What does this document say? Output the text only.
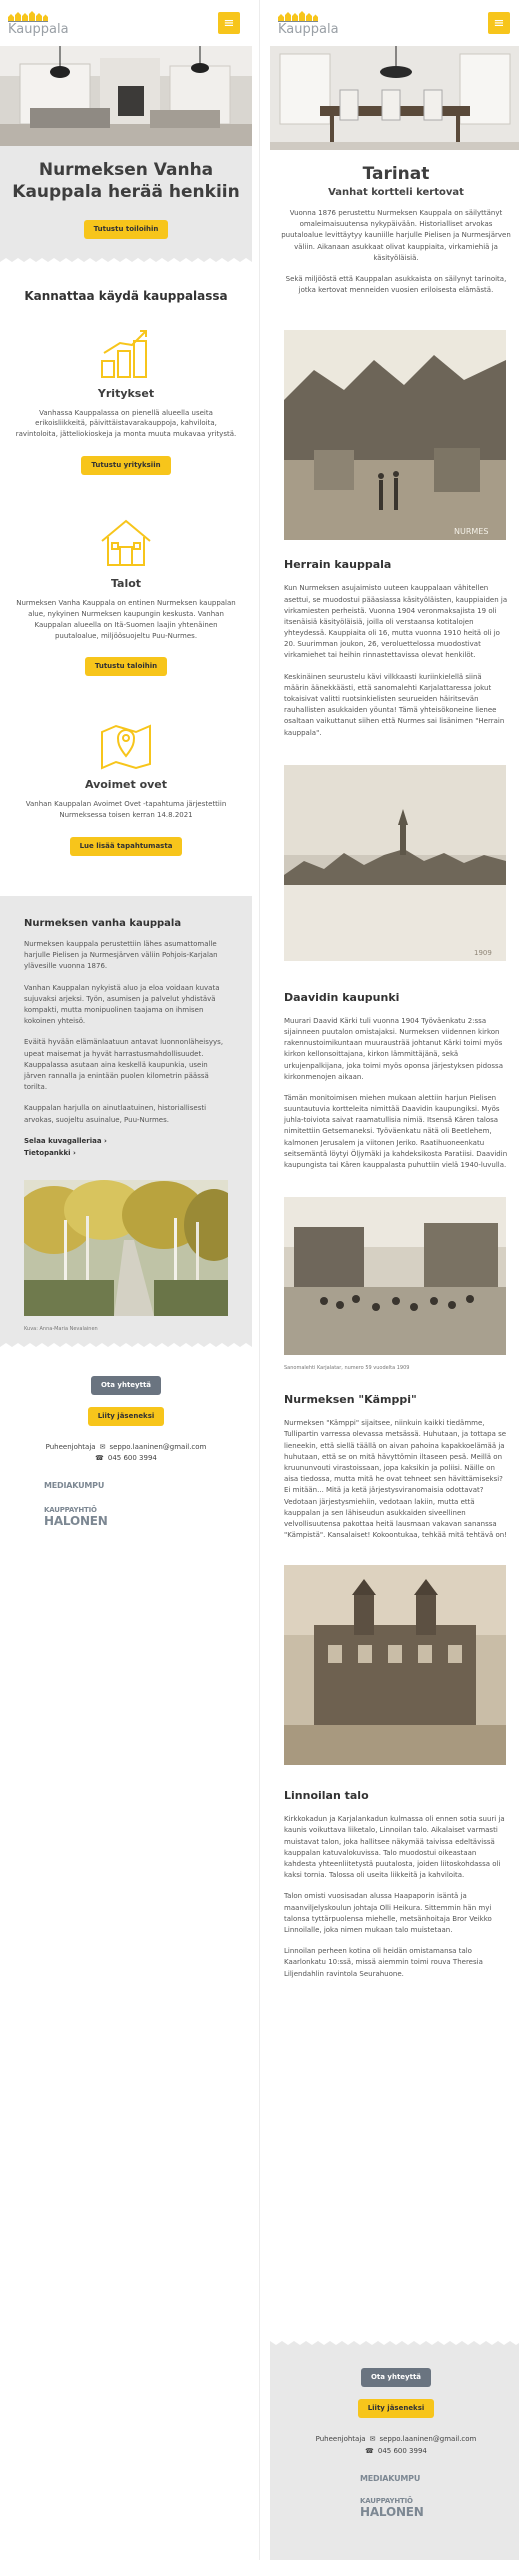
Kauppala	≡
Nurmeksen Vanha Kauppala herää henkiin
Tutustu toiloihin
Kannattaa käydä kauppalassa
Yritykset

Vanhassa Kauppalassa on pienellä alueella useita erikoisliikkeitä, päivittäistavarakauppoja, kahviloita, ravintoloita, jätteliokioskeja ja monta muuta mukavaa yritystä.

Tutustu yrityksiin
Talot

Nurmeksen Vanha Kauppala on entinen Nurmeksen kauppalan alue, nykyinen Nurmeksen kaupungin keskusta. Vanhan Kauppalan alueella on Itä-Suomen laajin yhtenäinen puutaloalue, miljöösuojeltu Puu-Nurmes.

Tutustu taloihin
Avoimet ovet

Vanhan Kauppalan Avoimet Ovet -tapahtuma järjestettiin Nurmeksessa toisen kerran 14.8.2021

Lue lisää tapahtumasta
Nurmeksen vanha kauppala

Nurmeksen kauppala perustettiin lähes asumattomalle harjulle Pielisen ja Nurmesjärven väliin Pohjois-Karjalan ylävesille vuonna 1876.

Vanhan Kauppalan nykyistä aluo ja eloa voidaan kuvata sujuvaksi arjeksi. Työn, asumisen ja palvelut yhdistävä kompakti, mutta monipuolinen taajama on ihmisen kokoinen yhteisö.

Eväitä hyvään elämänlaatuun antavat luonnonläheisyys, upeat maisemat ja hyvät harrastusmahdollisuudet. Kauppalassa asutaan aina keskellä kaupunkia, usein järven rannalla ja enintään puolen kilometrin päässä torilta.

Kauppalan harjulla on ainutlaatuinen, historiallisesti arvokas, suojeltu asuinalue, Puu-Nurmes.

Selaa kuvagalleriaa ›
Tietopankki ›
Kuva: Anna-Maria Nevalainen
Ota yhteyttä
Liity jäseneksi
Puheenjohtaja ✉ seppo.laaninen@gmail.com
☎ 045 600 3994
MEDIAKUMPU
KAUPPAYHTIÖ
HALONEN
Kauppala	≡
Tarinat
Vanhat kortteli kertovat
Vuonna 1876 perustettu Nurmeksen Kauppala on säilyttänyt omaleimaisuutensa nykypäivään. Historialliset arvokas puutaloalue levittäytyy kauniille harjulle Pielisen ja Nurmesjärven väliin. Aikanaan asukkaat olivat kauppiaita, virkamiehiä ja käsityöläisiä.
Sekä miljööstä että Kauppalan asukkaista on säilynyt tarinoita, jotka kertovat menneiden vuosien eriloisesta elämästä.
NURMES
Herrain kauppala
Kun Nurmeksen asujaimisto uuteen kauppalaan vähitellen asettui, se muodostui pääasiassa käsityöläisten, kauppiaiden ja virkamiesten perheistä. Vuonna 1904 veronmaksajista 19 oli itsenäisiä käsityöläisiä, joilla oli verstaansa kotitalojen yhteydessä. Kauppiaita oli 16, mutta vuonna 1910 heitä oli jo 20. Suurimman joukon, 26, veroluettelossa muodostivat virkamiehet tai heihin rinnastettavissa olevat henkilöt.
Keskinäinen seurustelu kävi vilkkaasti kuriinkielellä siinä määrin äänekkäästi, että sanomalehti Karjalattaressa jokut tokaisivat valitti ruotsinkielisten seurueiden häiritsevän rauhallisten asukkaiden yöunta! Tämä yhteisökoneine lienee osaltaan vaikuttanut siihen että Nurmes sai lisänimen "Herrain kauppala".
1909
Daavidin kaupunki
Muurari Daavid Kärki tuli vuonna 1904 Työväenkatu 2:ssa sijainneen puutalon omistajaksi. Nurmeksen viidennen kirkon rakennustoimikuntaan muurausträä johtanut Kärki toimi myös kirkon kellonsoittajana, kirkon lämmittäjänä, sekä urkujenpalkijana, joka toimi myös oponsa järjestyksen pidossa kirkonmenojen aikaan.
Tämän monitoimisen miehen mukaan alettiin harjun Pielisen suuntautuvia kortteleita nimittää Daavidin kaupungiksi. Myös juhla-toiviota saivat raamatullisia nimiä. Itsensä Kären talosa nimitettiin Getsemaneksi. Työväenkatu nätä oli Beetlehem, kalmonen Jerusalem ja viitonen Jeriko. Raatihuoneenkatu seitsemäntä löytyi Öljymäki ja kahdeksikosta Paratiisi. Daavidin kaupungista tai Kären kauppalasta puhuttiin vielä 1940-luvulla.
Sanomalehti Karjalatar, numero 59 vuodelta 1909
Nurmeksen "Kämppi"
Nurmeksen "Kämppi" sijaitsee, niinkuin kaikki tiedämme, Tullipartin varressa olevassa metsässä. Huhutaan, ja tottapa se lieneekin, että siellä täällä on aivan pahoina kapakkoelämää ja huhutaan, että se on mitä hävyttömin iltaseen pesä. Meillä on kruununvouti virastoissaan, jopa kaksikin ja poliisi. Näille on aisa tiedossa, mutta mitä he ovat tehneet sen hävittämiseksi? Ei mitään... Mitä ja ketä järjestysviranomaisia odottavat? Vedotaan järjestysmiehiin, vedotaan lakiin, mutta että kauppalan ja sen lähiseudun asukkaiden siveellinen velvollisuutensa pakottaa heitä lausmaan vakavan sananssa "Kämpistä". Kansalaiset! Kokoontukaa, tehkää mitä tehtävä on!
Linnoilan talo
Kirkkokadun ja Karjalankadun kulmassa oli ennen sotia suuri ja kaunis voikuttava liiketalo, Linnoilan talo. Aikalaiset varmasti muistavat talon, joka hallitsee näkymää taivissa edeltävissä kauppalan katuvalokuvissa. Talo muodostui oikeastaan kahdesta yhteenliitetystä puutalosta, joiden liitoskohdassa oli kaksi tornia. Talossa oli useita liikkeitä ja kahviloita.
Talon omisti vuosisadan alussa Haapaporin isäntä ja maanviljelyskoulun johtaja Olli Heikura. Sittemmin hän myi talonsa tyttärpuolensa miehelle, metsänhoitaja Bror Veikko Linnoilalle, joka nimen mukaan talo muistetaan.
Linnoilan perheen kotina oli heidän omistamansa talo Kaarlonkatu 10:ssä, missä aiemmin toimi rouva Theresia Liljendahlin ravintola Seurahuone.
Ota yhteyttä
Liity jäseneksi
Puheenjohtaja ✉ seppo.laaninen@gmail.com
☎ 045 600 3994
MEDIAKUMPU
KAUPPAYHTIÖ
HALONEN
